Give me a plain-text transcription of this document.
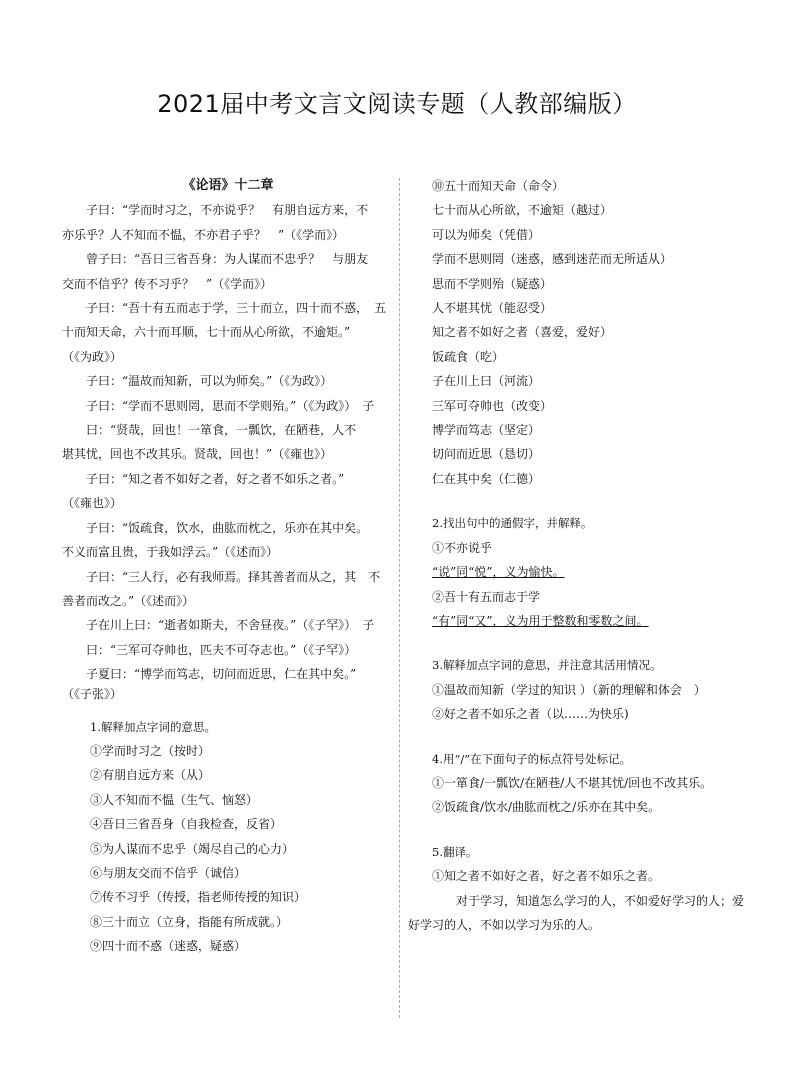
2021届中考文言文阅读专题（人教部编版）
《论语》十二章
子曰：“学而时习之，不亦说乎？　有朋自远方来，不
亦乐乎？人不知而不愠，不亦君子乎？　”（《学而》）
曾子曰：“吾日三省吾身：为人谋而不忠乎？　与朋友
交而不信乎？传不习乎？　”（《学而》）
子曰：“吾十有五而志于学，三十而立，四十而不惑，　五
十而知天命，六十而耳顺，七十而从心所欲，不逾矩。”
（《为政》）
子曰：“温故而知新，可以为师矣。”（《为政》）
子曰：“学而不思则罔，思而不学则殆。”（《为政》）　子
曰：“贤哉，回也！一箪食，一瓢饮，在陋巷，人不
堪其忧，回也不改其乐。贤哉，回也！”（《雍也》）
子曰：“知之者不如好之者，好之者不如乐之者。”
（《雍也》）
子曰：“饭疏食，饮水，曲肱而枕之，乐亦在其中矣。
不义而富且贵，于我如浮云。”（《述而》）
子曰：“三人行，必有我师焉。择其善者而从之，其　不
善者而改之。”（《述而》）
子在川上曰：“逝者如斯夫，不舍昼夜。”（《子罕》）　子
曰：“三军可夺帅也，匹夫不可夺志也。”（《子罕》）
子夏曰：“博学而笃志，切问而近思，仁在其中矣。”
（《子张》）
1.解释加点字词的意思。
①学而时习之（按时）
②有朋自远方来（从）
③人不知而不愠（生气、恼怒）
④吾日三省吾身（自我检查，反省）
⑤为人谋而不忠乎（竭尽自己的心力）
⑥与朋友交而不信乎（诚信）
⑦传不习乎（传授，指老师传授的知识）
⑧三十而立（立身，指能有所成就。）
⑨四十而不惑（迷惑，疑惑）
⑩五十而知天命（命令）
七十而从心所欲，不逾矩（越过）
可以为师矣（凭借）
学而不思则罔（迷惑，感到迷茫而无所适从）
思而不学则殆（疑惑）
人不堪其忧（能忍受）
知之者不如好之者（喜爱，爱好）
饭疏食（吃）
子在川上曰（河流）
三军可夺帅也（改变）
博学而笃志（坚定）
切问而近思（恳切）
仁在其中矣（仁德）
2.找出句中的通假字，并解释。
①不亦说乎
“说”同“悦”，义为愉快。
②吾十有五而志于学
“有”同“又”，义为用于整数和零数之间。
3.解释加点字词的意思，并注意其活用情况。
①温故而知新（学过的知识 ）（新的理解和体会　）
②好之者不如乐之者（以……为快乐)
4.用“/”在下面句子的标点符号处标记。
①一箪食/一瓢饮/在陋巷/人不堪其忧/回也不改其乐。
②饭疏食/饮水/曲肱而枕之/乐亦在其中矣。
5.翻译。
①知之者不如好之者，好之者不如乐之者。
对于学习，知道怎么学习的人，不如爱好学习的人；爱
好学习的人，不如以学习为乐的人。
